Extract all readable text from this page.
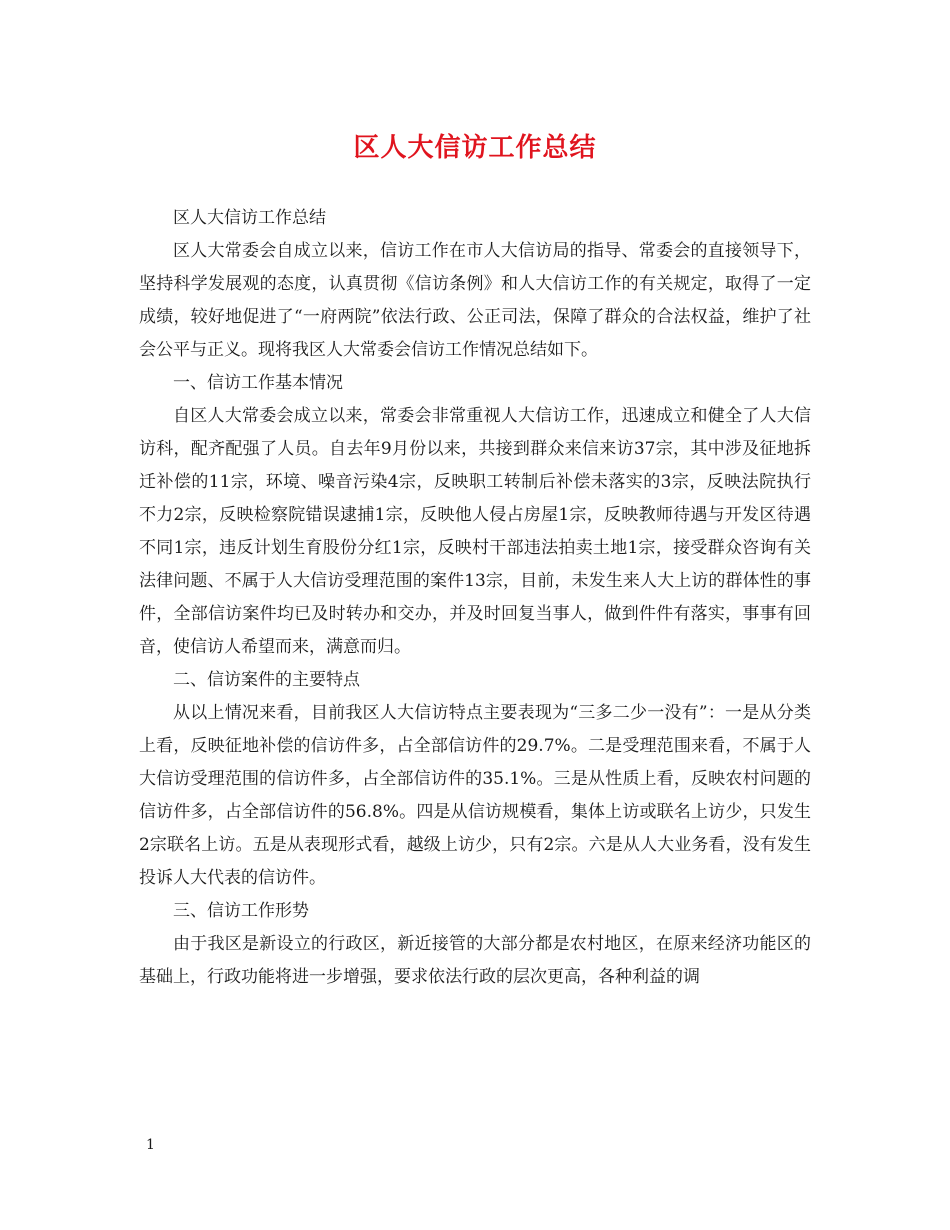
区人大信访工作总结

区人大信访工作总结

区人大常委会自成立以来，信访工作在市人大信访局的指导、常委会的直接领导下，坚持科学发展观的态度，认真贯彻《信访条例》和人大信访工作的有关规定，取得了一定成绩，较好地促进了“一府两院”依法行政、公正司法，保障了群众的合法权益，维护了社会公平与正义。现将我区人大常委会信访工作情况总结如下。

一、信访工作基本情况

自区人大常委会成立以来，常委会非常重视人大信访工作，迅速成立和健全了人大信访科，配齐配强了人员。自去年9月份以来，共接到群众来信来访37宗，其中涉及征地拆迁补偿的11宗，环境、噪音污染4宗，反映职工转制后补偿未落实的3宗，反映法院执行不力2宗，反映检察院错误逮捕1宗，反映他人侵占房屋1宗，反映教师待遇与开发区待遇不同1宗，违反计划生育股份分红1宗，反映村干部违法拍卖土地1宗，接受群众咨询有关法律问题、不属于人大信访受理范围的案件13宗，目前，未发生来人大上访的群体性的事件，全部信访案件均已及时转办和交办，并及时回复当事人，做到件件有落实，事事有回音，使信访人希望而来，满意而归。

二、信访案件的主要特点

从以上情况来看，目前我区人大信访特点主要表现为“三多二少一没有”：一是从分类上看，反映征地补偿的信访件多，占全部信访件的29.7%。二是受理范围来看，不属于人大信访受理范围的信访件多，占全部信访件的35.1%。三是从性质上看，反映农村问题的信访件多，占全部信访件的56.8%。四是从信访规模看，集体上访或联名上访少，只发生2宗联名上访。五是从表现形式看，越级上访少，只有2宗。六是从人大业务看，没有发生投诉人大代表的信访件。

三、信访工作形势

由于我区是新设立的行政区，新近接管的大部分都是农村地区，在原来经济功能区的基础上，行政功能将进一步增强，要求依法行政的层次更高，各种利益的调

1
